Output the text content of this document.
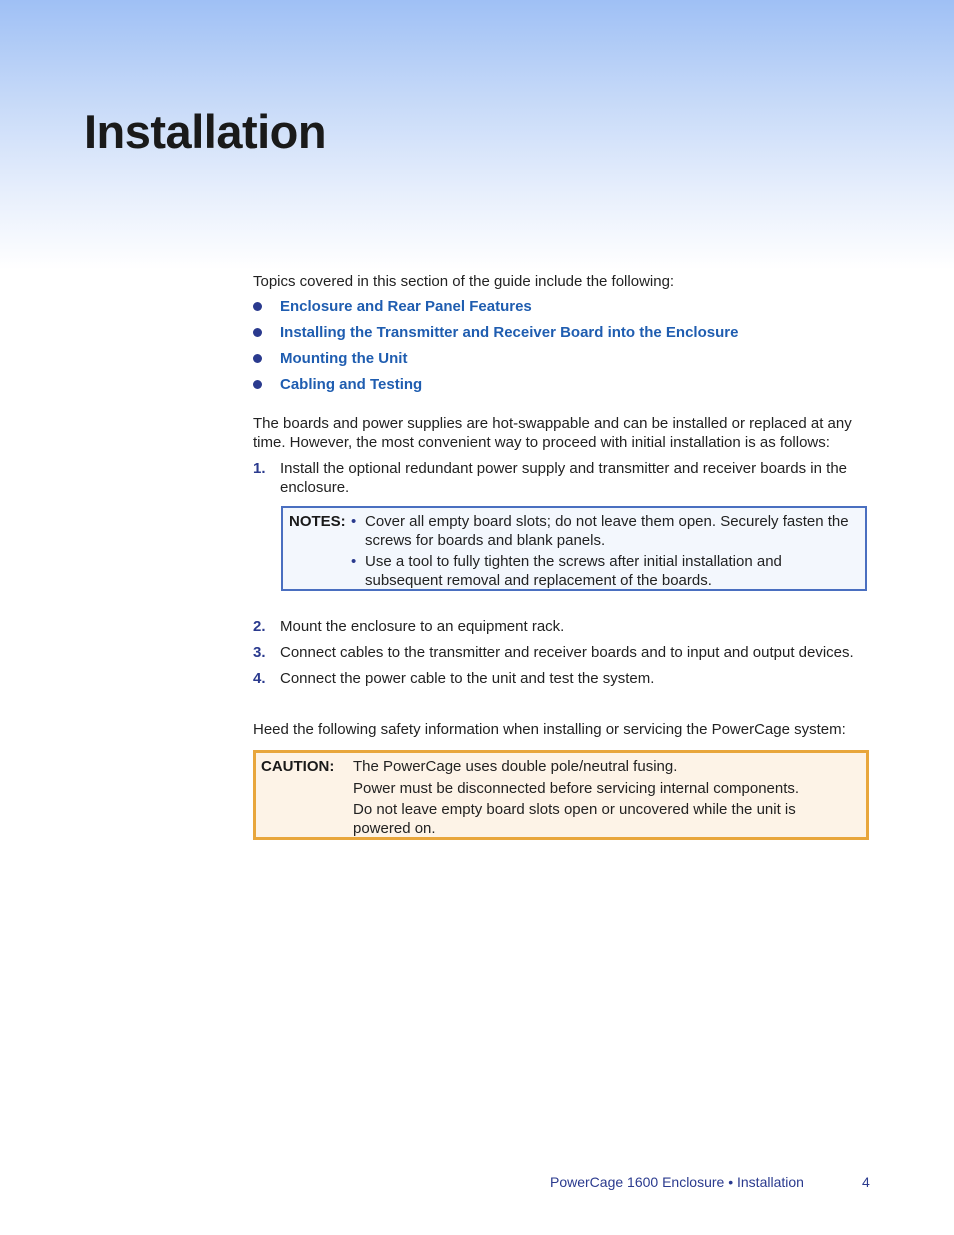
Installation
Topics covered in this section of the guide include the following:
Enclosure and Rear Panel Features
Installing the Transmitter and Receiver Board into the Enclosure
Mounting the Unit
Cabling and Testing
The boards and power supplies are hot-swappable and can be installed or replaced at any time. However, the most convenient way to proceed with initial installation is as follows:
1. Install the optional redundant power supply and transmitter and receiver boards in the enclosure.
NOTES: • Cover all empty board slots; do not leave them open. Securely fasten the screws for boards and blank panels.
• Use a tool to fully tighten the screws after initial installation and subsequent removal and replacement of the boards.
2. Mount the enclosure to an equipment rack.
3. Connect cables to the transmitter and receiver boards and to input and output devices.
4. Connect the power cable to the unit and test the system.
Heed the following safety information when installing or servicing the PowerCage system:
CAUTION: The PowerCage uses double pole/neutral fusing.
Power must be disconnected before servicing internal components.
Do not leave empty board slots open or uncovered while the unit is powered on.
PowerCage 1600 Enclosure • Installation	4
